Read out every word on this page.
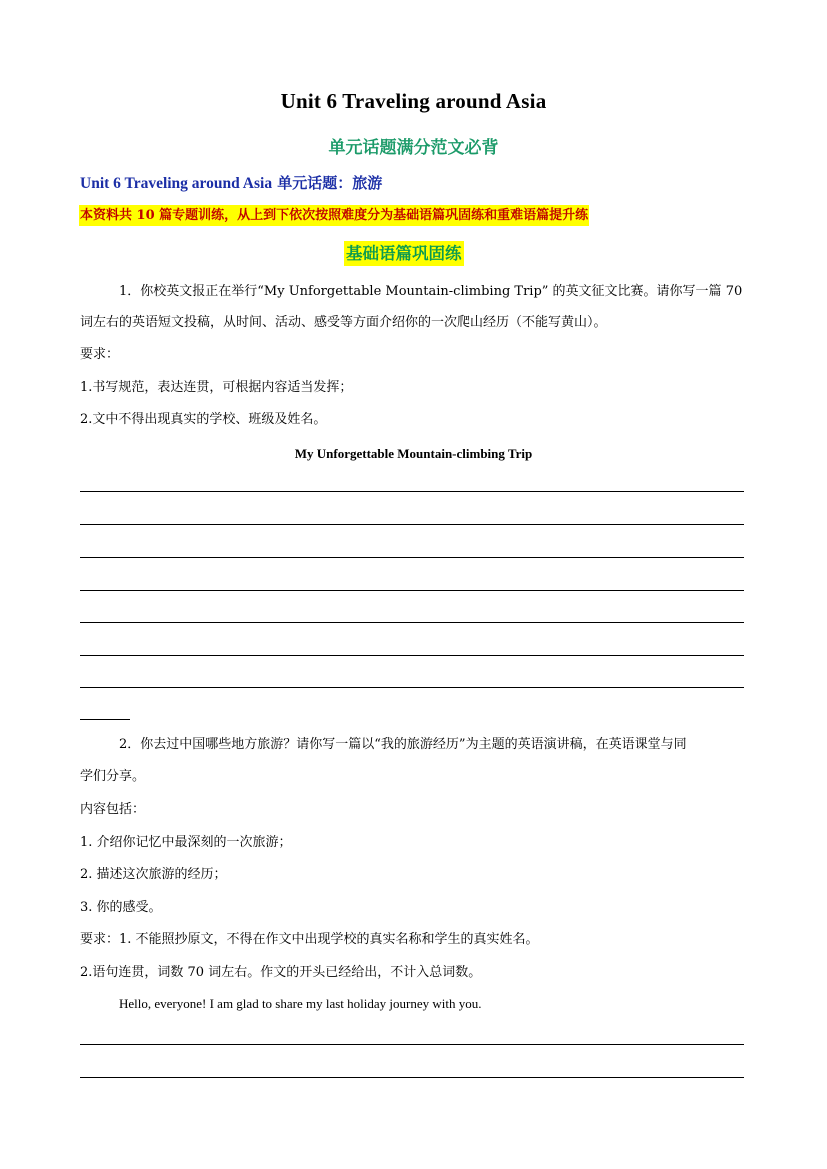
Unit 6 Traveling around Asia
单元话题满分范文必背
Unit 6 Traveling around Asia 单元话题：旅游
本资料共 10 篇专题训练，从上到下依次按照难度分为基础语篇巩固练和重难语篇提升练
基础语篇巩固练
1．你校英文报正在举行“My Unforgettable Mountain-climbing Trip” 的英文征文比赛。请你写一篇 70
词左右的英语短文投稿，从时间、活动、感受等方面介绍你的一次爬山经历（不能写黄山）。
要求：
1.书写规范，表达连贯，可根据内容适当发挥；
2.文中不得出现真实的学校、班级及姓名。
My Unforgettable Mountain-climbing Trip
2．你去过中国哪些地方旅游？请你写一篇以“我的旅游经历”为主题的英语演讲稿，在英语课堂与同
学们分享。
内容包括：
1. 介绍你记忆中最深刻的一次旅游；
2. 描述这次旅游的经历；
3. 你的感受。
要求：1. 不能照抄原文，不得在作文中出现学校的真实名称和学生的真实姓名。
2.语句连贯，词数 70 词左右。作文的开头已经给出，不计入总词数。
Hello, everyone! I am glad to share my last holiday journey with you.
